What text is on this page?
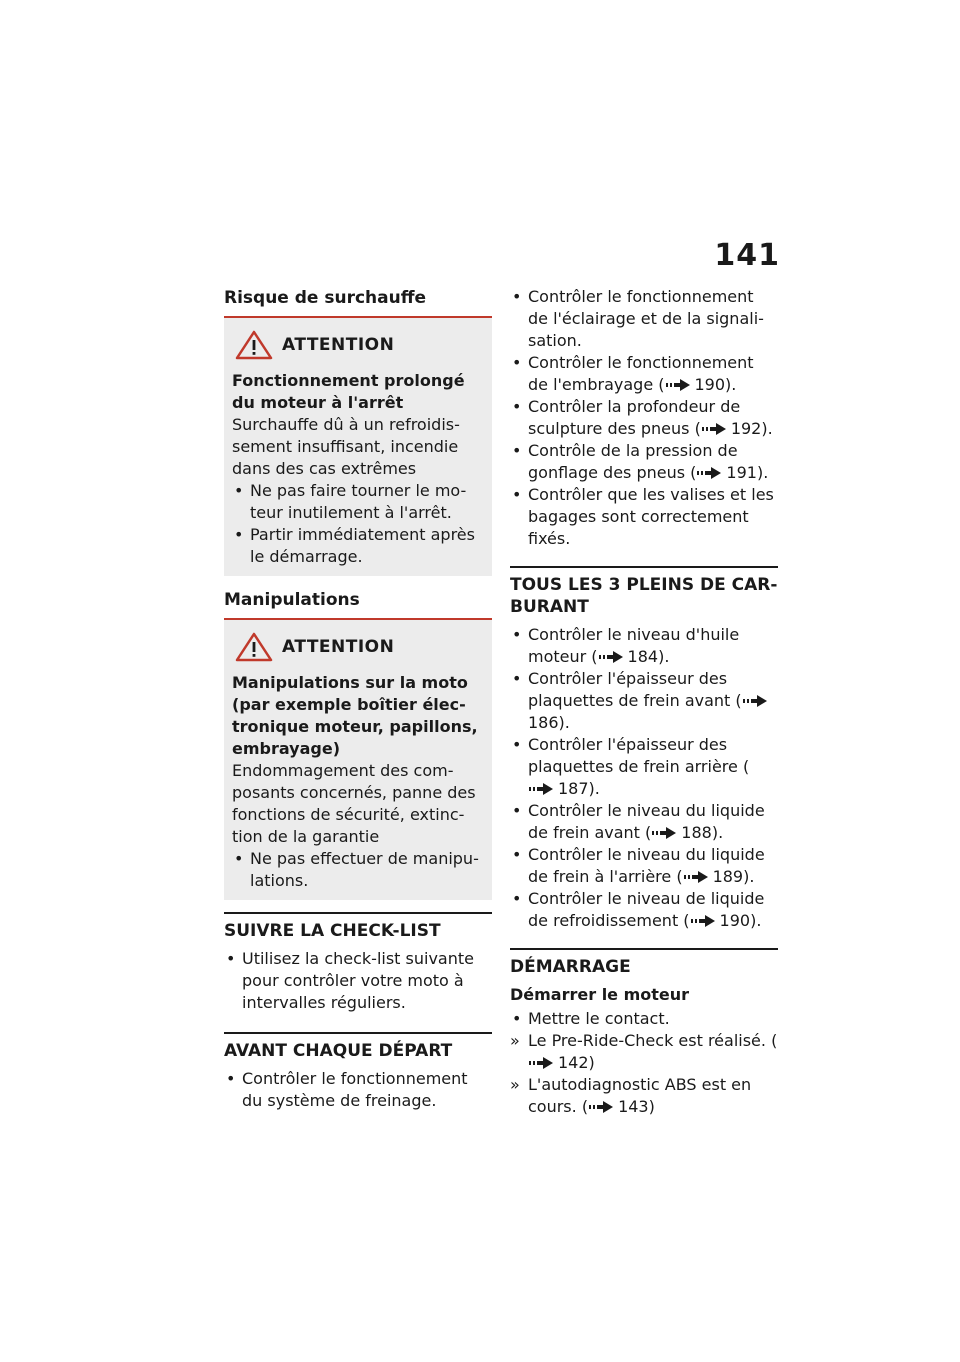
141
Risque de surchauffe
ATTENTION
Fonctionnement prolongé du moteur à l'arrêt
Surchauffe dû à un refroidis-sement insuffisant, incendie dans des cas extrêmes
• Ne pas faire tourner le mo-teur inutilement à l'arrêt.
• Partir immédiatement après le démarrage.
Manipulations
ATTENTION
Manipulations sur la moto (par exemple boîtier élec-tronique moteur, papillons, embrayage)
Endommagement des com-posants concernés, panne des fonctions de sécurité, extinc-tion de la garantie
• Ne pas effectuer de manipu-lations.
SUIVRE LA CHECK-LIST
• Utilisez la check-list suivante pour contrôler votre moto à intervalles réguliers.
AVANT CHAQUE DÉPART
• Contrôler le fonctionnement du système de freinage.
• Contrôler le fonctionnement de l'éclairage et de la signali-sation.
• Contrôler le fonctionnement de l'embrayage ( 190).
• Contrôler la profondeur de sculpture des pneus ( 192).
• Contrôle de la pression de gonflage des pneus ( 191).
• Contrôler que les valises et les bagages sont correctement fixés.
TOUS LES 3 PLEINS DE CAR-BURANT
• Contrôler le niveau d'huile moteur ( 184).
• Contrôler l'épaisseur des plaquettes de frein avant (186).
• Contrôler l'épaisseur des plaquettes de frein arrière (187).
• Contrôler le niveau du liquide de frein avant ( 188).
• Contrôler le niveau du liquide de frein à l'arrière ( 189).
• Contrôler le niveau de liquide de refroidissement ( 190).
DÉMARRAGE
Démarrer le moteur
• Mettre le contact.
» Le Pre-Ride-Check est réalisé. (142)
» L'autodiagnostic ABS est en cours. ( 143)
